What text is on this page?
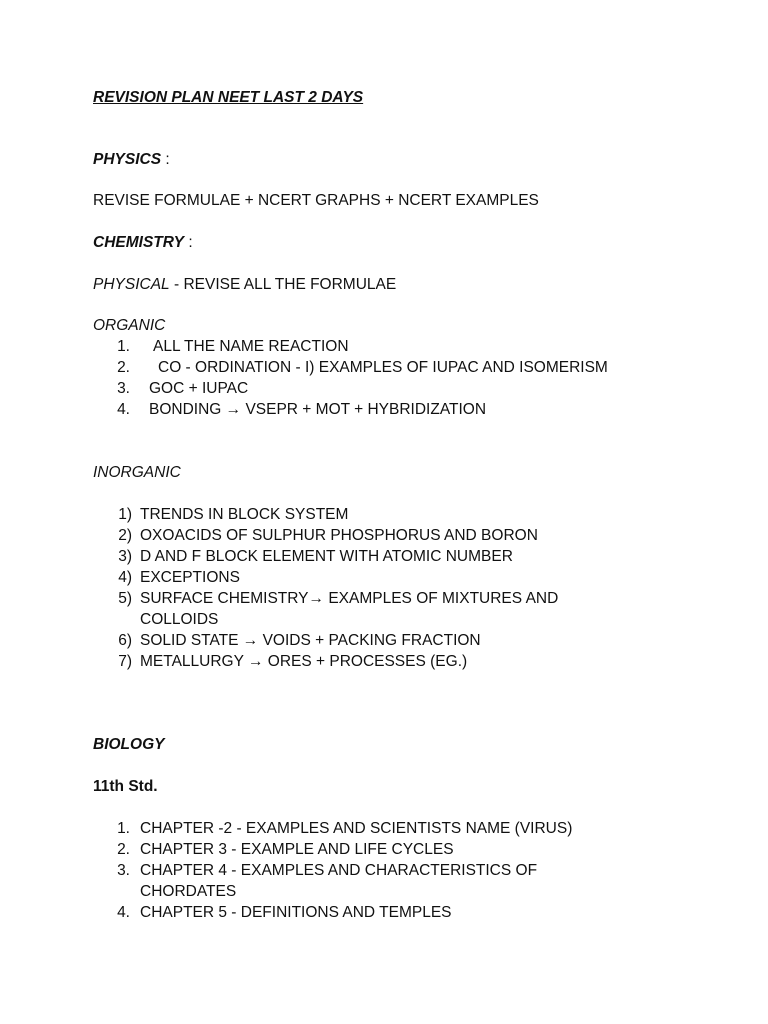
REVISION PLAN NEET LAST 2 DAYS
PHYSICS :
REVISE FORMULAE + NCERT GRAPHS + NCERT EXAMPLES
CHEMISTRY :
PHYSICAL - REVISE ALL THE FORMULAE
ORGANIC
1. ALL THE NAME REACTION
2. CO - ORDINATION - I) EXAMPLES OF IUPAC AND ISOMERISM
3. GOC + IUPAC
4. BONDING → VSEPR + MOT + HYBRIDIZATION
INORGANIC
1) TRENDS IN BLOCK SYSTEM
2) OXOACIDS OF SULPHUR PHOSPHORUS AND BORON
3) D AND F BLOCK ELEMENT WITH ATOMIC NUMBER
4) EXCEPTIONS
5) SURFACE CHEMISTRY→ EXAMPLES OF MIXTURES AND
COLLOIDS
6) SOLID STATE → VOIDS + PACKING FRACTION
7) METALLURGY → ORES + PROCESSES (EG.)
BIOLOGY
11th Std.
1. CHAPTER -2 - EXAMPLES AND SCIENTISTS NAME (VIRUS)
2. CHAPTER 3 - EXAMPLE AND LIFE CYCLES
3. CHAPTER 4 - EXAMPLES AND CHARACTERISTICS OF
CHORDATES
4. CHAPTER 5 - DEFINITIONS AND TEMPLES
